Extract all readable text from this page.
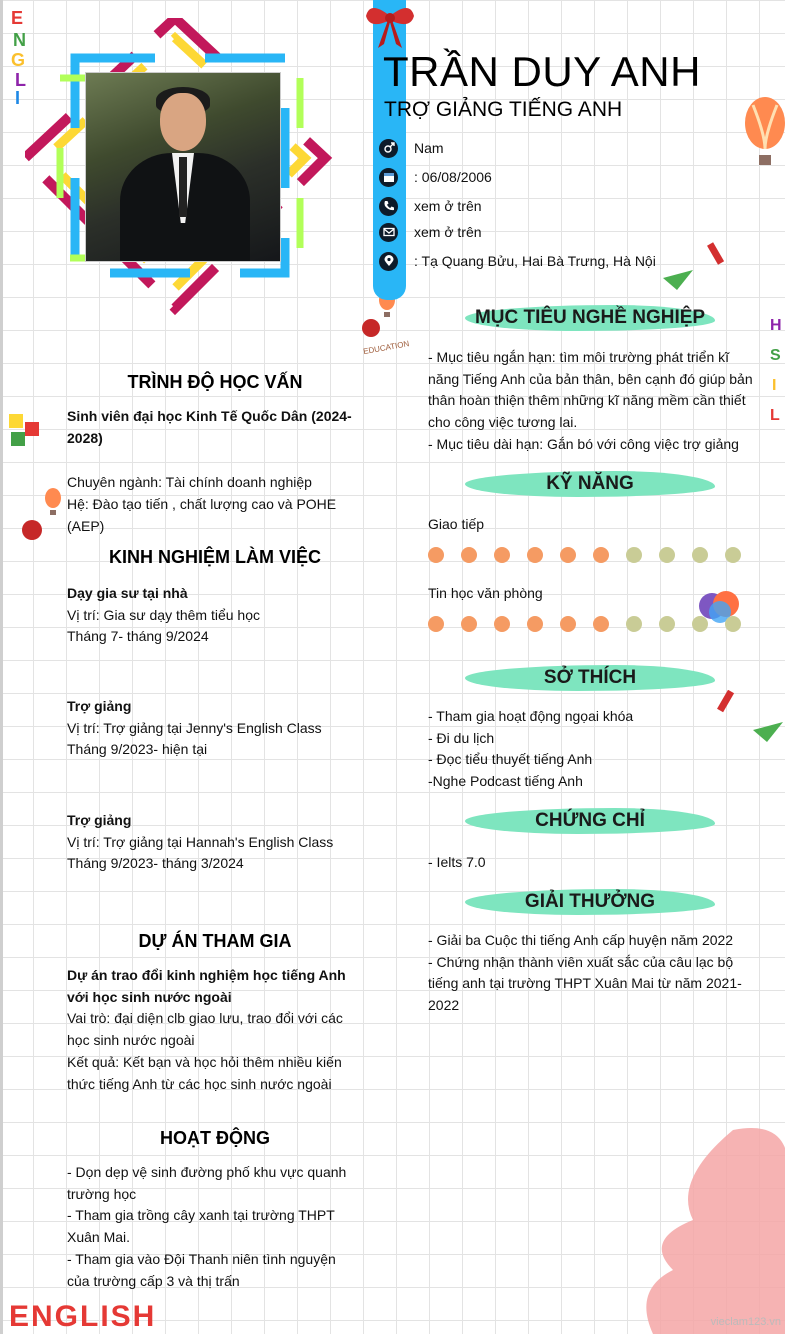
E
N
G
L
I
EDUCATION
H
S
I
L
ENGLISH
TRẦN DUY ANH
TRỢ GIẢNG TIẾNG ANH
Nam
: 06/08/2006
xem ở trên
xem ở trên
: Tạ Quang Bửu, Hai Bà Trưng, Hà Nội
TRÌNH ĐỘ HỌC VẤN
Sinh viên đại học Kinh Tế Quốc Dân (2024-2028)
Chuyên ngành: Tài chính doanh nghiệp
Hệ: Đào tạo tiến , chất lượng cao và POHE (AEP)
KINH NGHIỆM LÀM VIỆC
Dạy gia sư tại nhà
Vị trí: Gia sư dạy thêm tiểu học
Tháng 7- tháng 9/2024
Trợ giảng
Vị trí: Trợ giảng tại Jenny's English Class
Tháng 9/2023- hiện tại
Trợ giảng
Vị trí: Trợ giảng tại Hannah's English Class
Tháng 9/2023- tháng 3/2024
DỰ ÁN THAM GIA
Dự án trao đổi kinh nghiệm học tiếng Anh với học sinh nước ngoài
Vai trò: đại diện clb giao lưu, trao đổi với các học sinh nước ngoài
Kết quả: Kết bạn và học hỏi thêm nhiều kiến thức tiếng Anh từ các học sinh nước ngoài
HOẠT ĐỘNG
- Dọn dẹp vệ sinh đường phố khu vực quanh trường học
- Tham gia trồng cây xanh tại trường THPT Xuân Mai.
- Tham gia vào Đội Thanh niên tình nguyện của trường cấp 3 và thị trấn
MỤC TIÊU NGHỀ NGHIỆP
- Mục tiêu ngắn hạn: tìm môi trường phát triển kĩ năng Tiếng Anh của bản thân, bên cạnh đó giúp bản thân hoàn thiện thêm những kĩ năng mềm cần thiết cho công việc tương lai.
- Mục tiêu dài hạn: Gắn bó với công việc trợ giảng
KỸ NĂNG
Giao tiếp
Tin học văn phòng
SỞ THÍCH
- Tham gia hoạt động ngọai khóa
- Đi du lịch
- Đọc tiểu thuyết tiếng Anh
-Nghe Podcast tiếng Anh
CHỨNG CHỈ
- Ielts 7.0
GIẢI THƯỞNG
- Giải ba Cuộc thi tiếng Anh cấp huyện năm 2022
- Chứng nhận thành viên xuất sắc của câu lạc bộ tiếng anh tại trường THPT Xuân Mai từ năm 2021-2022
vieclam123.vn
